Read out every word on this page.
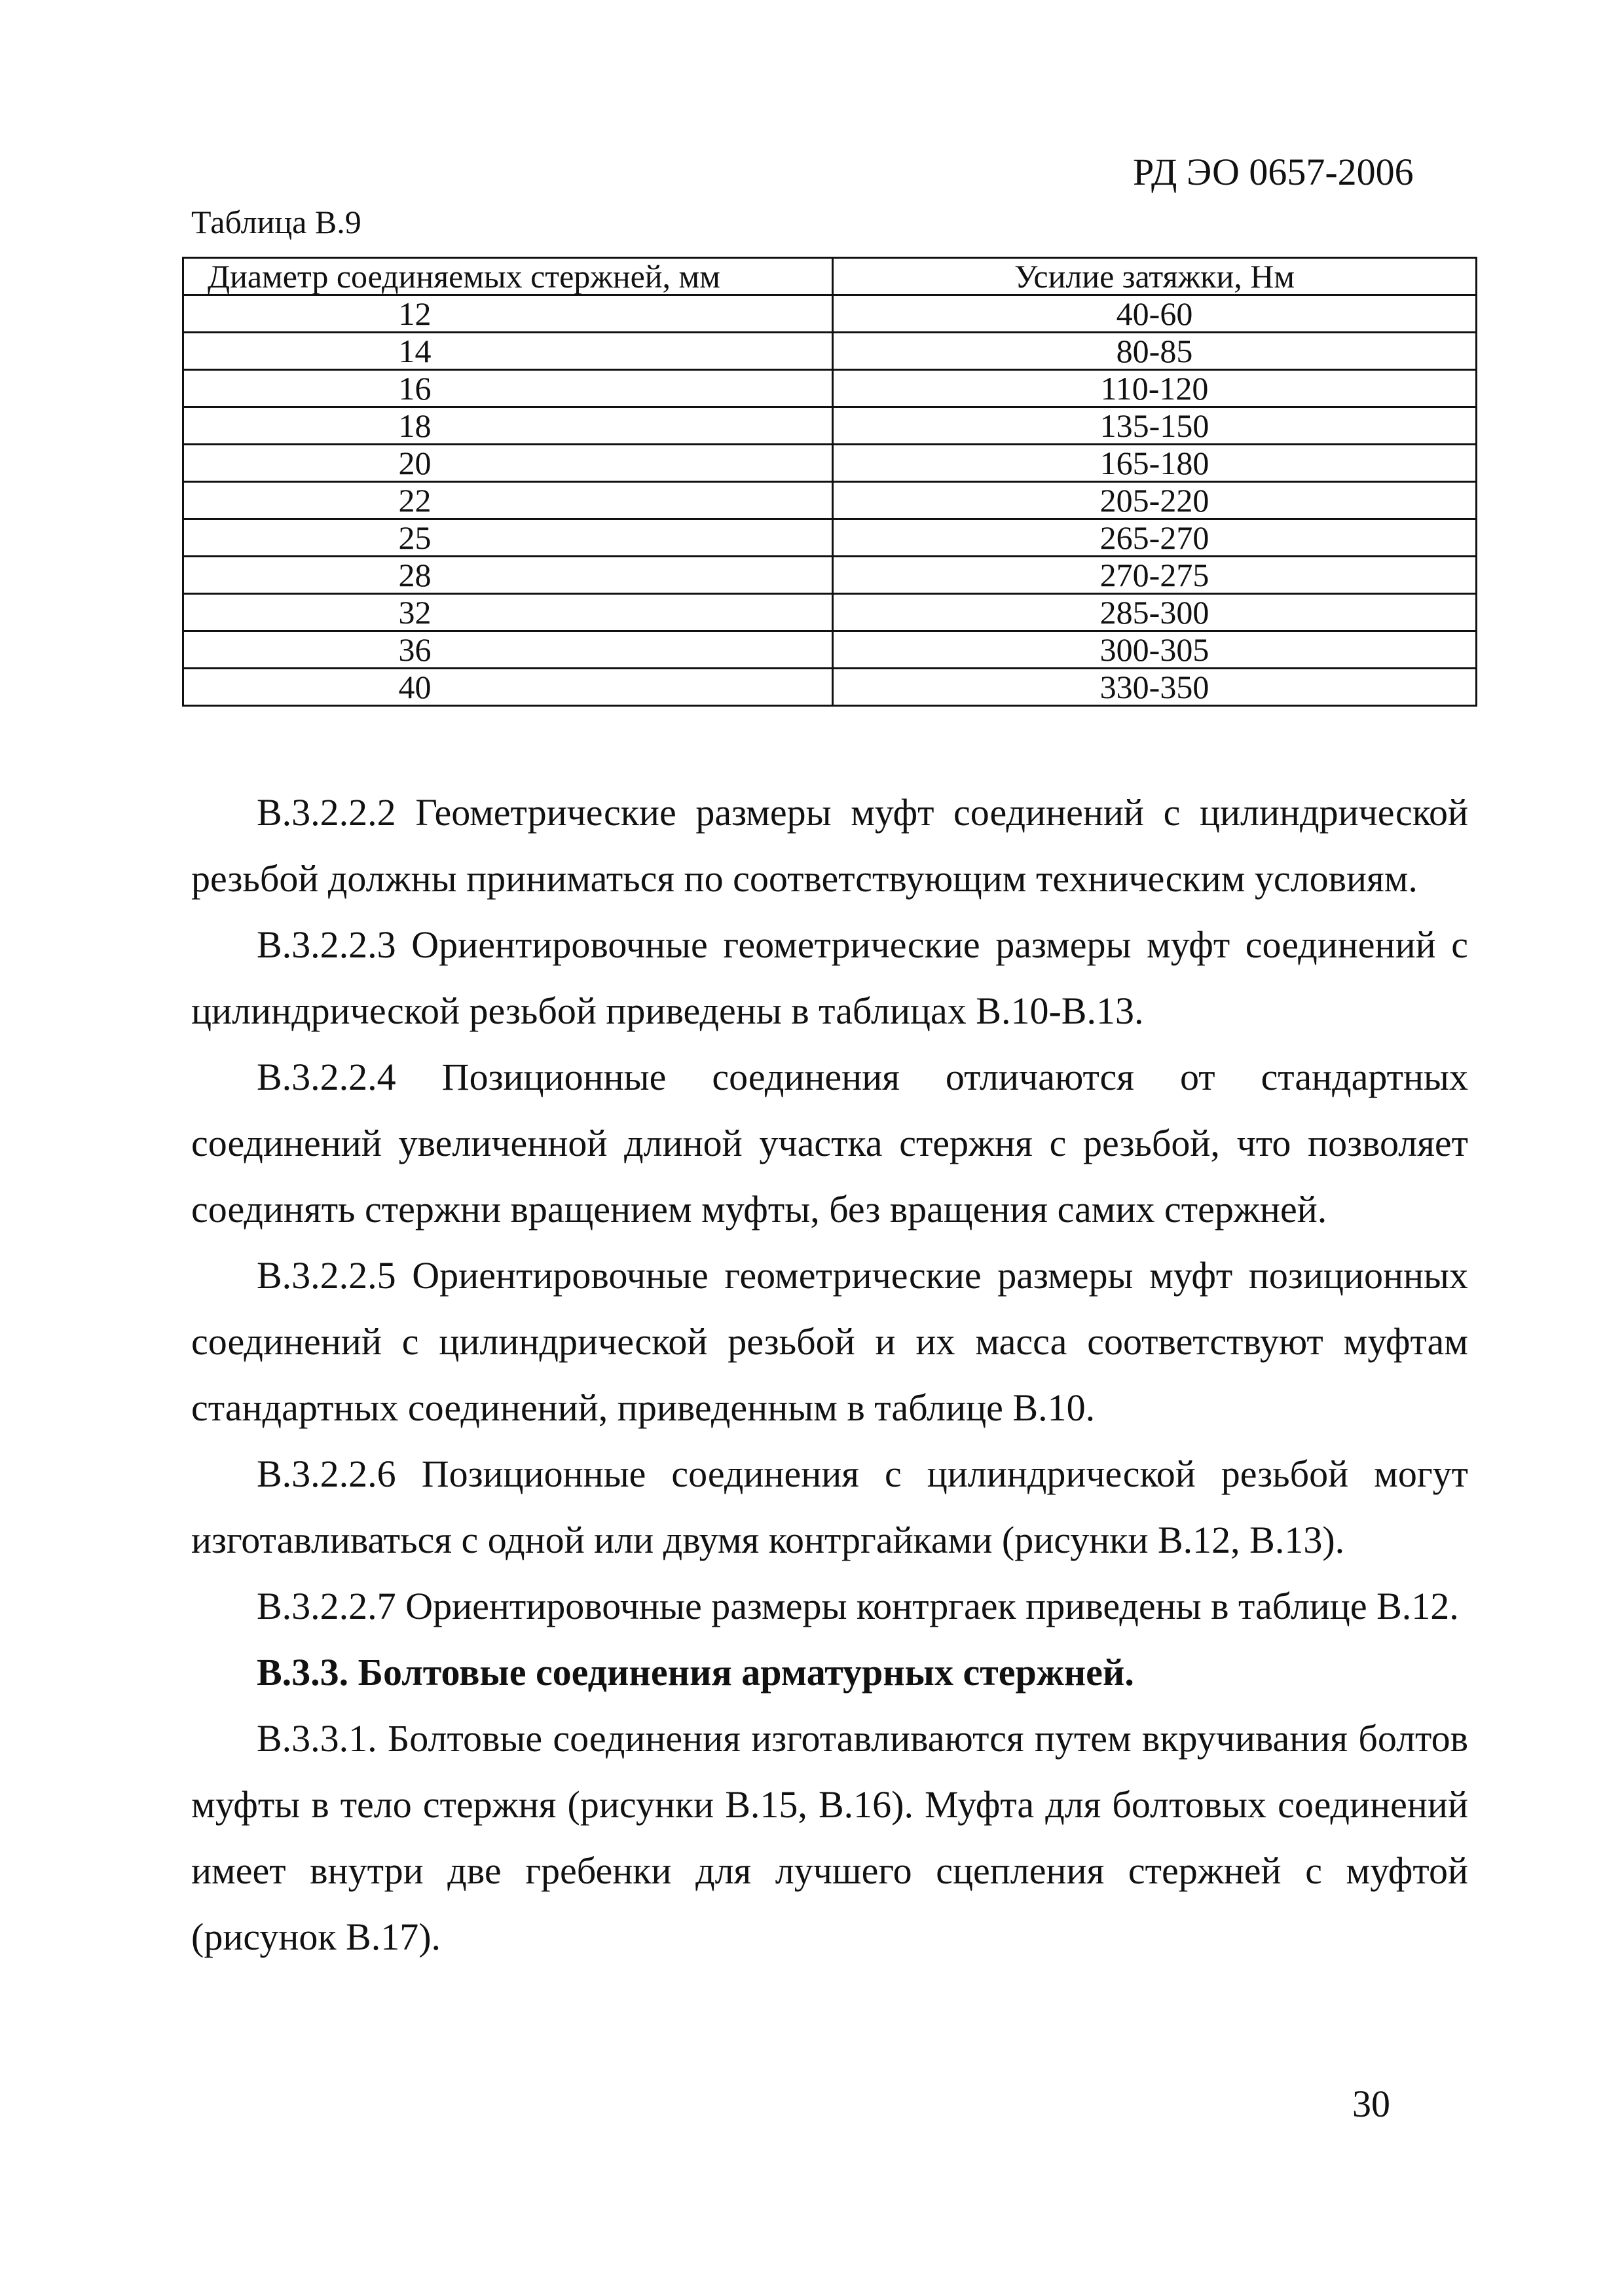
РД ЭО 0657-2006
Таблица В.9
Диаметр соединяемых стержней, мм	Усилие затяжки, Нм
12	40-60
14	80-85
16	110-120
18	135-150
20	165-180
22	205-220
25	265-270
28	270-275
32	285-300
36	300-305
40	330-350

В.3.2.2.2 Геометрические размеры муфт соединений с цилиндрической резьбой должны приниматься по соответствующим техническим условиям.

В.3.2.2.3 Ориентировочные геометрические размеры муфт соединений с цилиндрической резьбой приведены в таблицах В.10-В.13.

В.3.2.2.4 Позиционные соединения отличаются от стандартных соединений увеличенной длиной участка стержня с резьбой, что позволяет соединять стержни вращением муфты, без вращения самих стержней.

В.3.2.2.5 Ориентировочные геометрические размеры муфт позиционных соединений с цилиндрической резьбой и их масса соответствуют муфтам стандартных соединений, приведенным в таблице В.10.

В.3.2.2.6 Позиционные соединения с цилиндрической резьбой могут изготавливаться с одной или двумя контргайками (рисунки В.12, В.13).

В.3.2.2.7 Ориентировочные размеры контргаек приведены в таблице В.12.

В.3.3. Болтовые соединения арматурных стержней.

В.3.3.1. Болтовые соединения изготавливаются путем вкручивания болтов муфты в тело стержня (рисунки В.15, В.16). Муфта для болтовых соединений имеет внутри две гребенки для лучшего сцепления стержней с муфтой (рисунок В.17).

30
